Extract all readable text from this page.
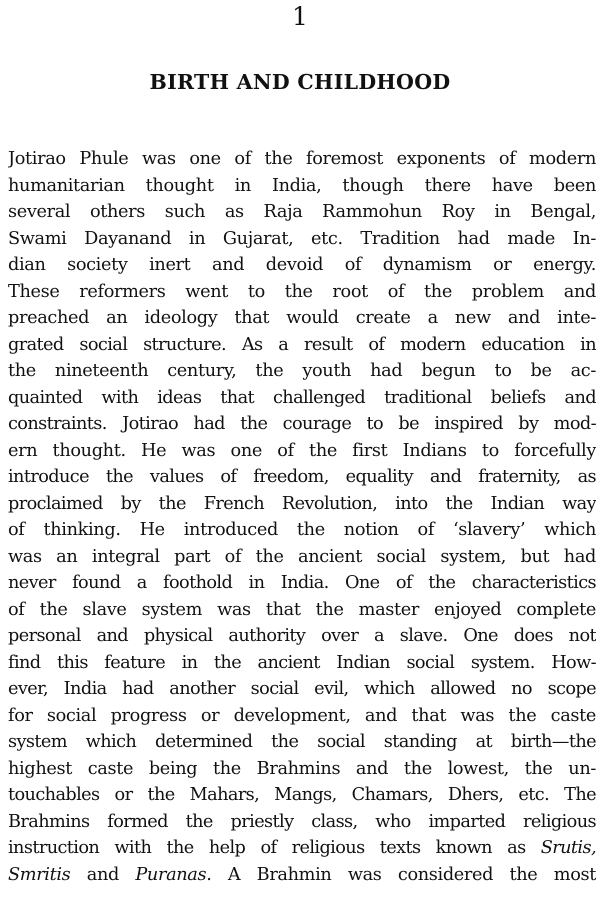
1
BIRTH AND CHILDHOOD
Jotirao Phule was one of the foremost exponents of modern
humanitarian thought in India, though there have been
several others such as Raja Rammohun Roy in Bengal,
Swami Dayanand in Gujarat, etc. Tradition had made In-
dian society inert and devoid of dynamism or energy.
These reformers went to the root of the problem and
preached an ideology that would create a new and inte-
grated social structure. As a result of modern education in
the nineteenth century, the youth had begun to be ac-
quainted with ideas that challenged traditional beliefs and
constraints. Jotirao had the courage to be inspired by mod-
ern thought. He was one of the first Indians to forcefully
introduce the values of freedom, equality and fraternity, as
proclaimed by the French Revolution, into the Indian way
of thinking. He introduced the notion of ‘slavery’ which
was an integral part of the ancient social system, but had
never found a foothold in India. One of the characteristics
of the slave system was that the master enjoyed complete
personal and physical authority over a slave. One does not
find this feature in the ancient Indian social system. How-
ever, India had another social evil, which allowed no scope
for social progress or development, and that was the caste
system which determined the social standing at birth—the
highest caste being the Brahmins and the lowest, the un-
touchables or the Mahars, Mangs, Chamars, Dhers, etc. The
Brahmins formed the priestly class, who imparted religious
instruction with the help of religious texts known as Srutis,
Smritis and Puranas. A Brahmin was considered the most
